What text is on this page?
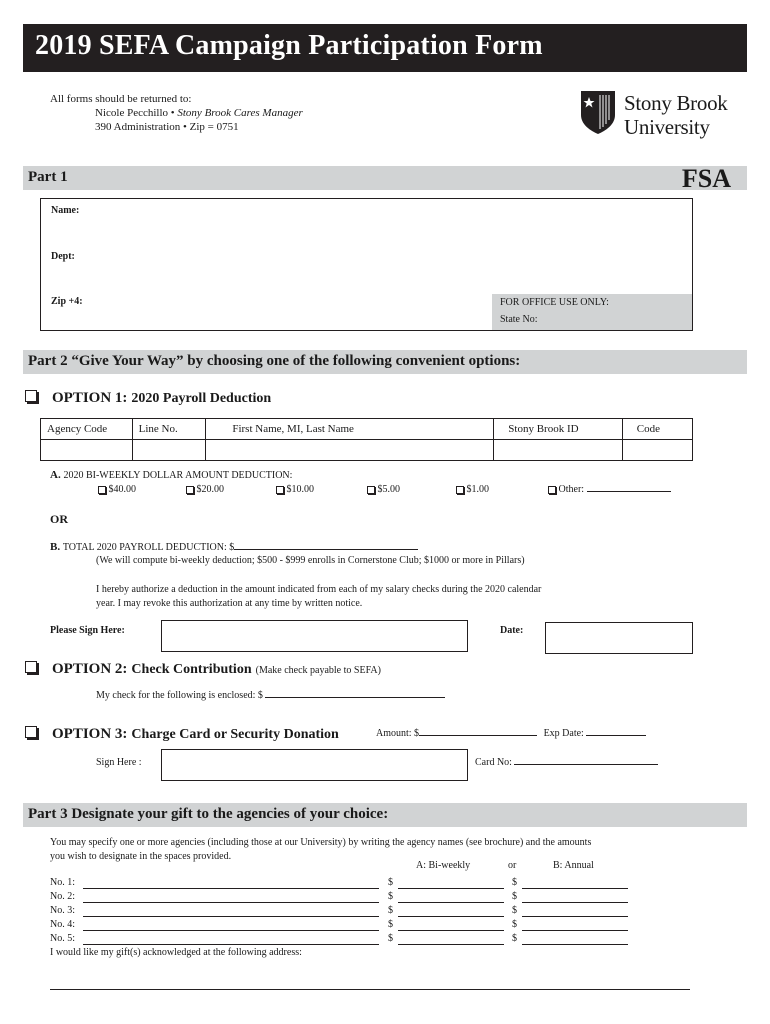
2019 SEFA Campaign Participation Form
All forms should be returned to:
Nicole Pecchillo • Stony Brook Cares Manager
390 Administration • Zip = 0751
Stony Brook
University
Part 1	FSA
Name:
Dept:
Zip +4:	FOR OFFICE USE ONLY:
State No:
Part 2 “Give Your Way” by choosing one of the following convenient options:
OPTION 1: 2020 Payroll Deduction
Agency Code	Line No.	First Name, MI, Last Name	Stony Brook ID	Code

A. 2020 BI-WEEKLY DOLLAR AMOUNT DEDUCTION:
$40.00	$20.00	$10.00	$5.00	$1.00	Other:
OR
B. TOTAL 2020 PAYROLL DEDUCTION: $
(We will compute bi-weekly deduction; $500 - $999 enrolls in Cornerstone Club; $1000 or more in Pillars)
I hereby authorize a deduction in the amount indicated from each of my salary checks during the 2020 calendar
year. I may revoke this authorization at any time by written notice.
Please Sign Here:	Date:
OPTION 2: Check Contribution (Make check payable to SEFA)
My check for the following is enclosed: $
OPTION 3: Charge Card or Security Donation	Amount: $	Exp Date:
Sign Here :	Card No:
Part 3 Designate your gift to the agencies of your choice:
You may specify one or more agencies (including those at our University) by writing the agency names (see brochure) and the amounts
you wish to designate in the spaces provided.
A: Bi-weekly	or	B: Annual
No. 1:	$	$
No. 2:	$	$
No. 3:	$	$
No. 4:	$	$
No. 5:	$	$
I would like my gift(s) acknowledged at the following address:
